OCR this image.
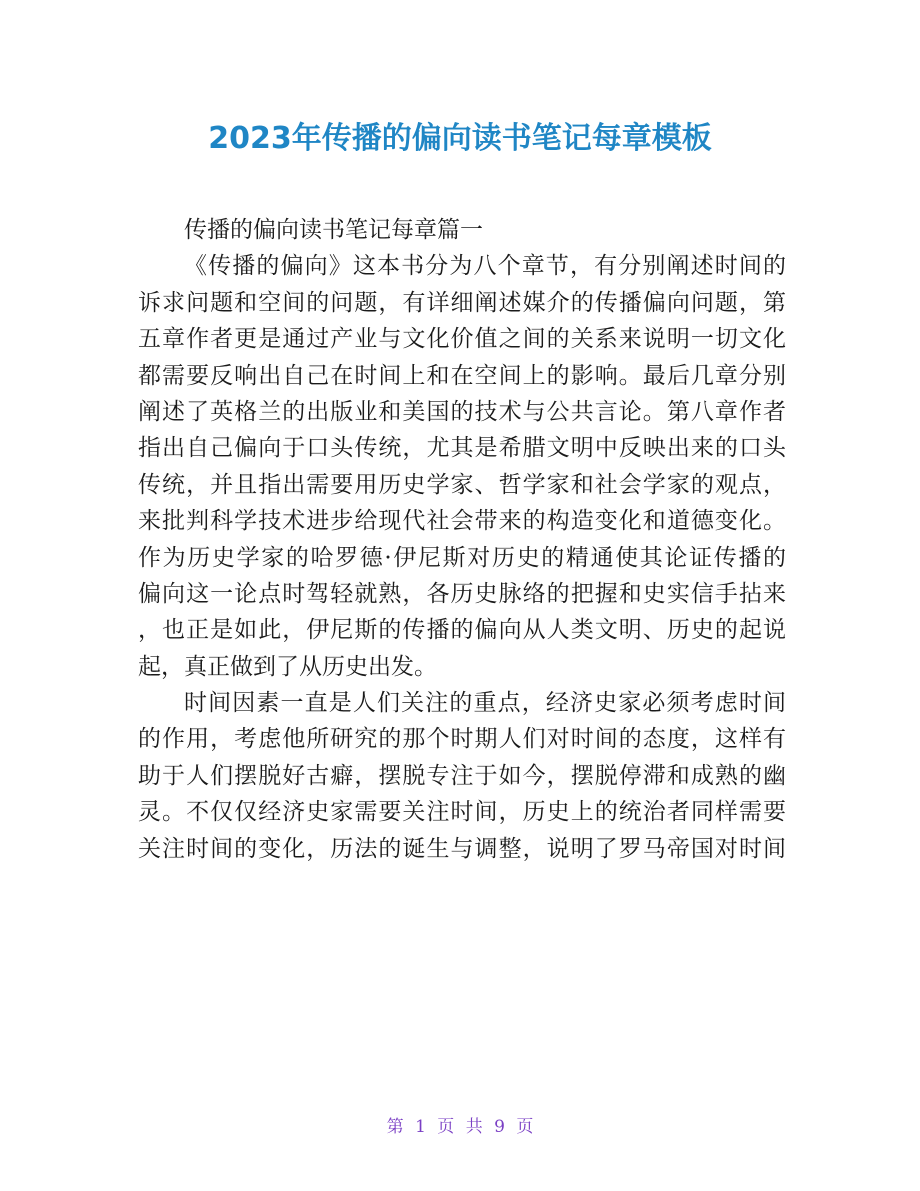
2023年传播的偏向读书笔记每章模板

传播的偏向读书笔记每章篇一

《传播的偏向》这本书分为八个章节，有分别阐述时间的
诉求问题和空间的问题，有详细阐述媒介的传播偏向问题，第
五章作者更是通过产业与文化价值之间的关系来说明一切文化
都需要反响出自己在时间上和在空间上的影响。最后几章分别
阐述了英格兰的出版业和美国的技术与公共言论。第八章作者
指出自己偏向于口头传统，尤其是希腊文明中反映出来的口头
传统，并且指出需要用历史学家、哲学家和社会学家的观点，
来批判科学技术进步给现代社会带来的构造变化和道德变化。
作为历史学家的哈罗德·伊尼斯对历史的精通使其论证传播的
偏向这一论点时驾轻就熟，各历史脉络的把握和史实信手拈来
，也正是如此，伊尼斯的传播的偏向从人类文明、历史的起说
起，真正做到了从历史出发。
时间因素一直是人们关注的重点，经济史家必须考虑时间
的作用，考虑他所研究的那个时期人们对时间的态度，这样有
助于人们摆脱好古癖，摆脱专注于如今，摆脱停滞和成熟的幽
灵。不仅仅经济史家需要关注时间，历史上的统治者同样需要
关注时间的变化，历法的诞生与调整，说明了罗马帝国对时间
第 1 页 共 9 页
